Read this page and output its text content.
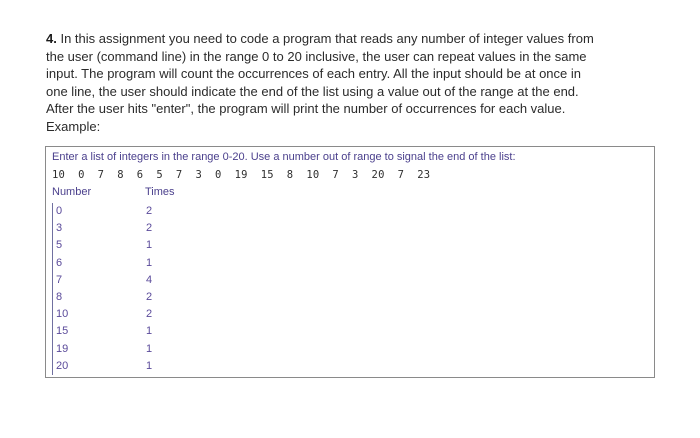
4. In this assignment you need to code a program that reads any number of integer values from

the user (command line) in the range 0 to 20 inclusive, the user can repeat values in the same

input. The program will count the occurrences of each entry. All the input should be at once in

one line, the user should indicate the end of the list using a value out of the range at the end.

After the user hits "enter", the program will print the number of occurrences for each value.

Example:

Enter a list of integers in the range 0-20. Use a number out of range to signal the end of the list:
10  0  7  8  6  5  7  3  0  19  15  8  10  7  3  20  7  23
Number	Times
0
3
5
6
7
8
10
15
19
20
2
2
1
1
4
2
2
1
1
1
